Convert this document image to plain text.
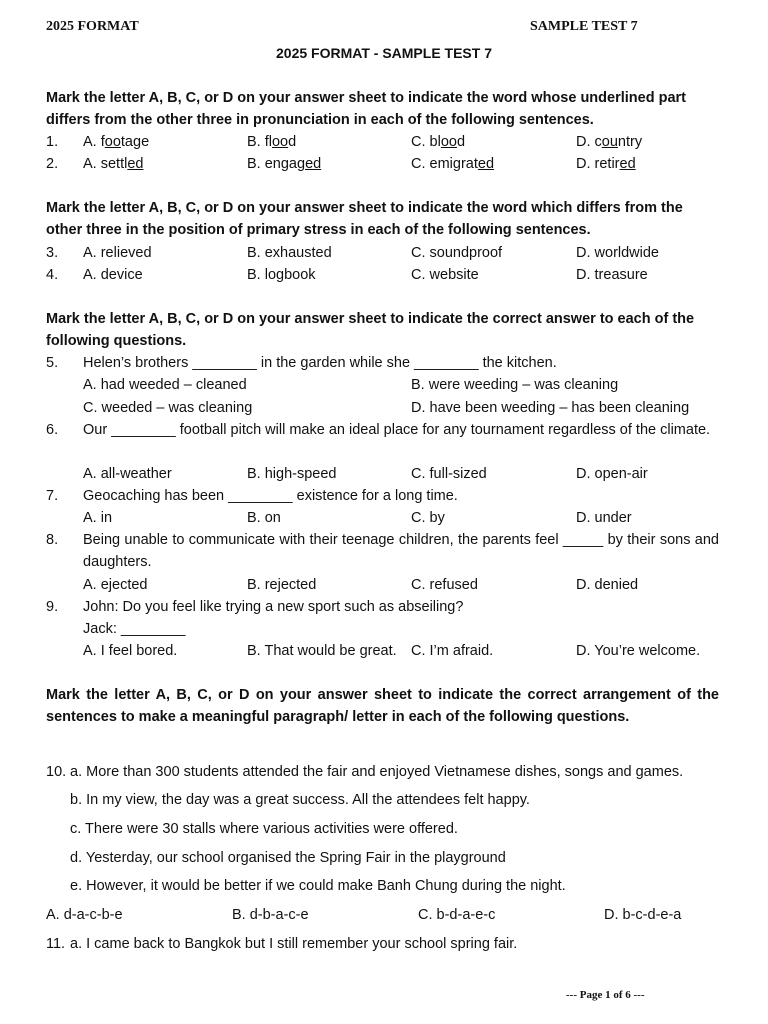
2025 FORMAT	SAMPLE TEST 7
2025 FORMAT - SAMPLE TEST 7
Mark the letter A, B, C, or D on your answer sheet to indicate the word whose underlined part differs from the other three in pronunciation in each of the following sentences.
1. A. footage	B. flood	C. blood	D. country
2. A. settled	B. engaged	C. emigrated	D. retired
Mark the letter A, B, C, or D on your answer sheet to indicate the word which differs from the other three in the position of primary stress in each of the following sentences.
3. A. relieved	B. exhausted	C. soundproof	D. worldwide
4. A. device	B. logbook	C. website	D. treasure
Mark the letter A, B, C, or D on your answer sheet to indicate the correct answer to each of the following questions.
5. Helen’s brothers ________ in the garden while she ________ the kitchen.
A. had weeded – cleaned	B. were weeding – was cleaning
C. weeded – was cleaning	D. have been weeding – has been cleaning
6. Our ________ football pitch will make an ideal place for any tournament regardless of the climate.
A. all-weather	B. high-speed	C. full-sized	D. open-air
7. Geocaching has been ________ existence for a long time.
A. in	B. on	C. by	D. under
8. Being unable to communicate with their teenage children, the parents feel _____ by their sons and daughters.
A. ejected	B. rejected	C. refused	D. denied
9. John: Do you feel like trying a new sport such as abseiling?
Jack: ________
A. I feel bored.	B. That would be great. C. I’m afraid.	D. You’re welcome.
Mark the letter A, B, C, or D on your answer sheet to indicate the correct arrangement of the sentences to make a meaningful paragraph/ letter in each of the following questions.
10. a. More than 300 students attended the fair and enjoyed Vietnamese dishes, songs and games.
b. In my view, the day was a great success. All the attendees felt happy.
c. There were 30 stalls where various activities were offered.
d. Yesterday, our school organised the Spring Fair in the playground
e. However, it would be better if we could make Banh Chung during the night.
A. d-a-c-b-e	B. d-b-a-c-e	C. b-d-a-e-c	D. b-c-d-e-a
11. a. I came back to Bangkok but I still remember your school spring fair.
--- Page 1 of 6 ---
